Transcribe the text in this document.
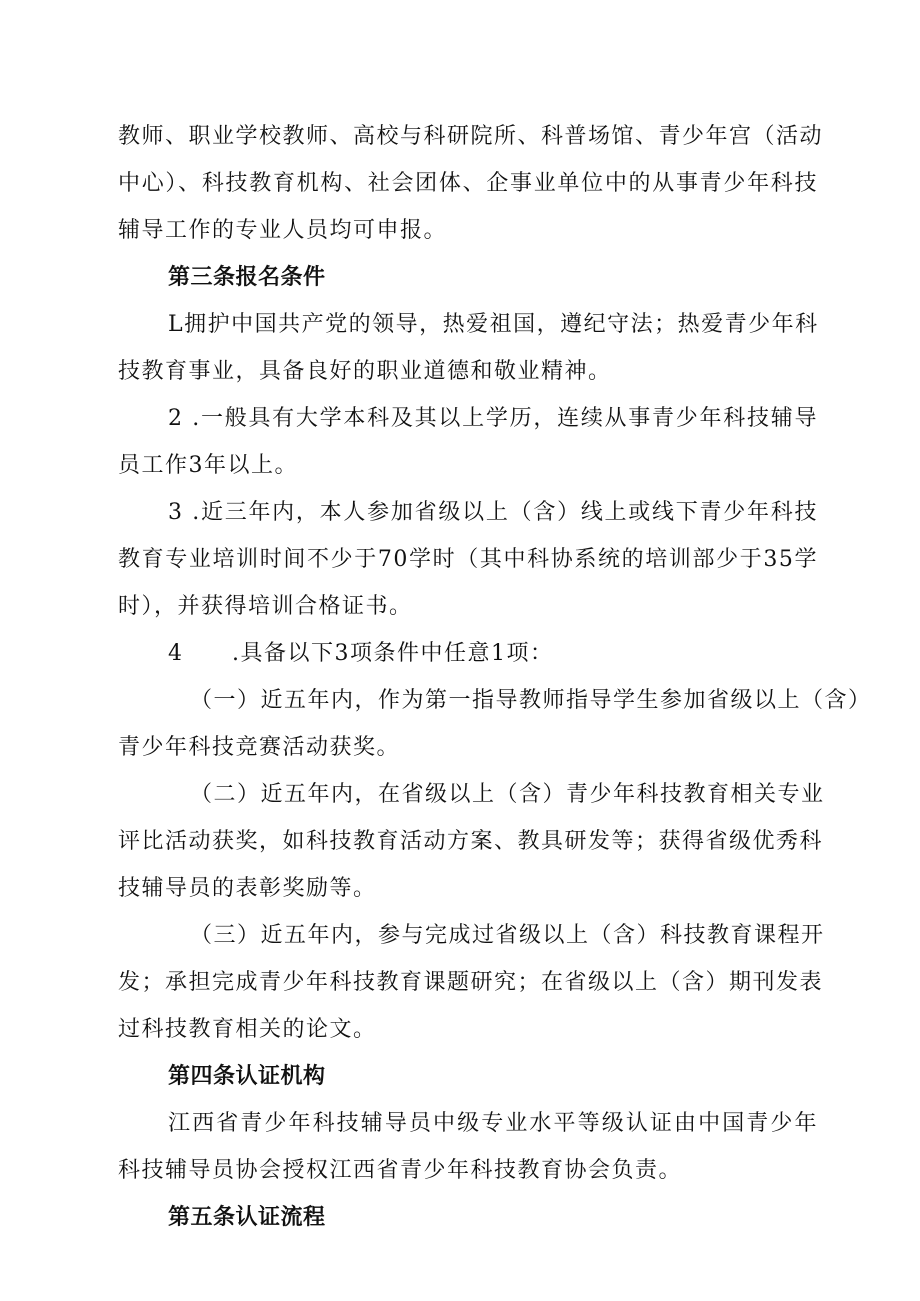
教师、职业学校教师、高校与科研院所、科普场馆、青少年宫（活动
中心）、科技教育机构、社会团体、企事业单位中的从事青少年科技
辅导工作的专业人员均可申报。
第三条报名条件
L拥护中国共产党的领导，热爱祖国，遵纪守法；热爱青少年科
技教育事业，具备良好的职业道德和敬业精神。
2 .一般具有大学本科及其以上学历，连续从事青少年科技辅导
员工作3年以上。
3 .近三年内，本人参加省级以上（含）线上或线下青少年科技
教育专业培训时间不少于70学时（其中科协系统的培训部少于35学
时），并获得培训合格证书。
4 .具备以下3项条件中任意1项：
（一）近五年内，作为第一指导教师指导学生参加省级以上（含）
青少年科技竞赛活动获奖。
（二）近五年内，在省级以上（含）青少年科技教育相关专业
评比活动获奖，如科技教育活动方案、教具研发等；获得省级优秀科
技辅导员的表彰奖励等。
（三）近五年内，参与完成过省级以上（含）科技教育课程开
发；承担完成青少年科技教育课题研究；在省级以上（含）期刊发表
过科技教育相关的论文。
第四条认证机构
江西省青少年科技辅导员中级专业水平等级认证由中国青少年
科技辅导员协会授权江西省青少年科技教育协会负责。
第五条认证流程
